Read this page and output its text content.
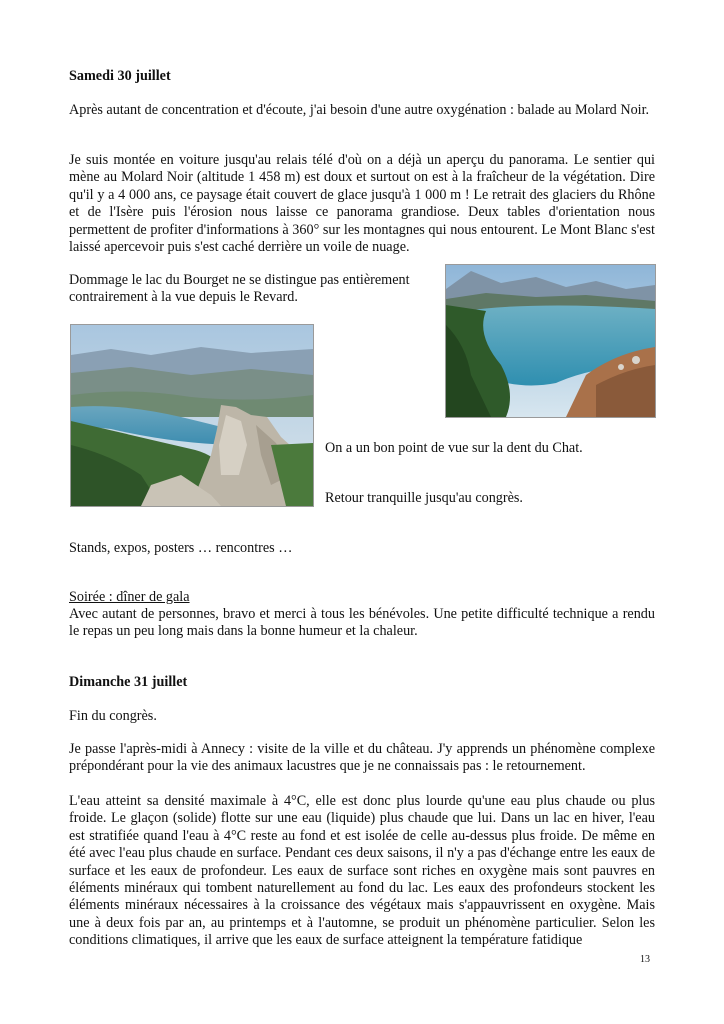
Samedi 30 juillet

Après autant de concentration et d'écoute, j'ai besoin d'une autre oxygénation : balade au Molard Noir.

Je suis montée en voiture jusqu'au relais télé d'où on a déjà un aperçu du panorama. Le sentier qui mène au Molard Noir (altitude 1 458 m) est doux et surtout on est à la fraîcheur de la végétation. Dire qu'il y a 4 000 ans, ce paysage était couvert de glace jusqu'à 1 000 m ! Le retrait des glaciers du Rhône et de l'Isère puis l'érosion nous laisse ce panorama grandiose. Deux tables d'orientation nous permettent de profiter d'informations à 360° sur les montagnes qui nous entourent. Le Mont Blanc s'est laissé apercevoir puis s'est caché derrière un voile de nuage.

Dommage le lac du Bourget ne se distingue pas entièrement contrairement à la vue depuis le Revard.

On a un bon point de vue sur la dent du Chat.

Retour tranquille jusqu'au congrès.

Stands, expos, posters … rencontres …

Soirée : dîner de gala

Avec autant de personnes, bravo et merci à tous les bénévoles. Une petite difficulté technique a rendu le repas un peu long mais dans la bonne humeur et la chaleur.

Dimanche 31 juillet

Fin du congrès.

Je passe l'après-midi à Annecy : visite de la ville et du château. J'y apprends un phénomène complexe prépondérant pour la vie des animaux lacustres que je ne connaissais pas : le retournement.

L'eau atteint sa densité maximale à 4°C, elle est donc plus lourde qu'une eau plus chaude ou plus froide. Le glaçon (solide) flotte sur une eau (liquide) plus chaude que lui. Dans un lac en hiver, l'eau est stratifiée quand l'eau à 4°C reste au fond et est isolée de celle au-dessus plus froide. De même en été avec l'eau plus chaude en surface. Pendant ces deux saisons, il n'y a pas d'échange entre les eaux de surface et les eaux de profondeur. Les eaux de surface sont riches en oxygène mais sont pauvres en éléments minéraux qui tombent naturellement au fond du lac. Les eaux des profondeurs stockent les éléments minéraux nécessaires à la croissance des végétaux mais s'appauvrissent en oxygène. Mais une à deux fois par an, au printemps et à l'automne, se produit un phénomène particulier. Selon les conditions climatiques, il arrive que les eaux de surface atteignent la température fatidique

13
